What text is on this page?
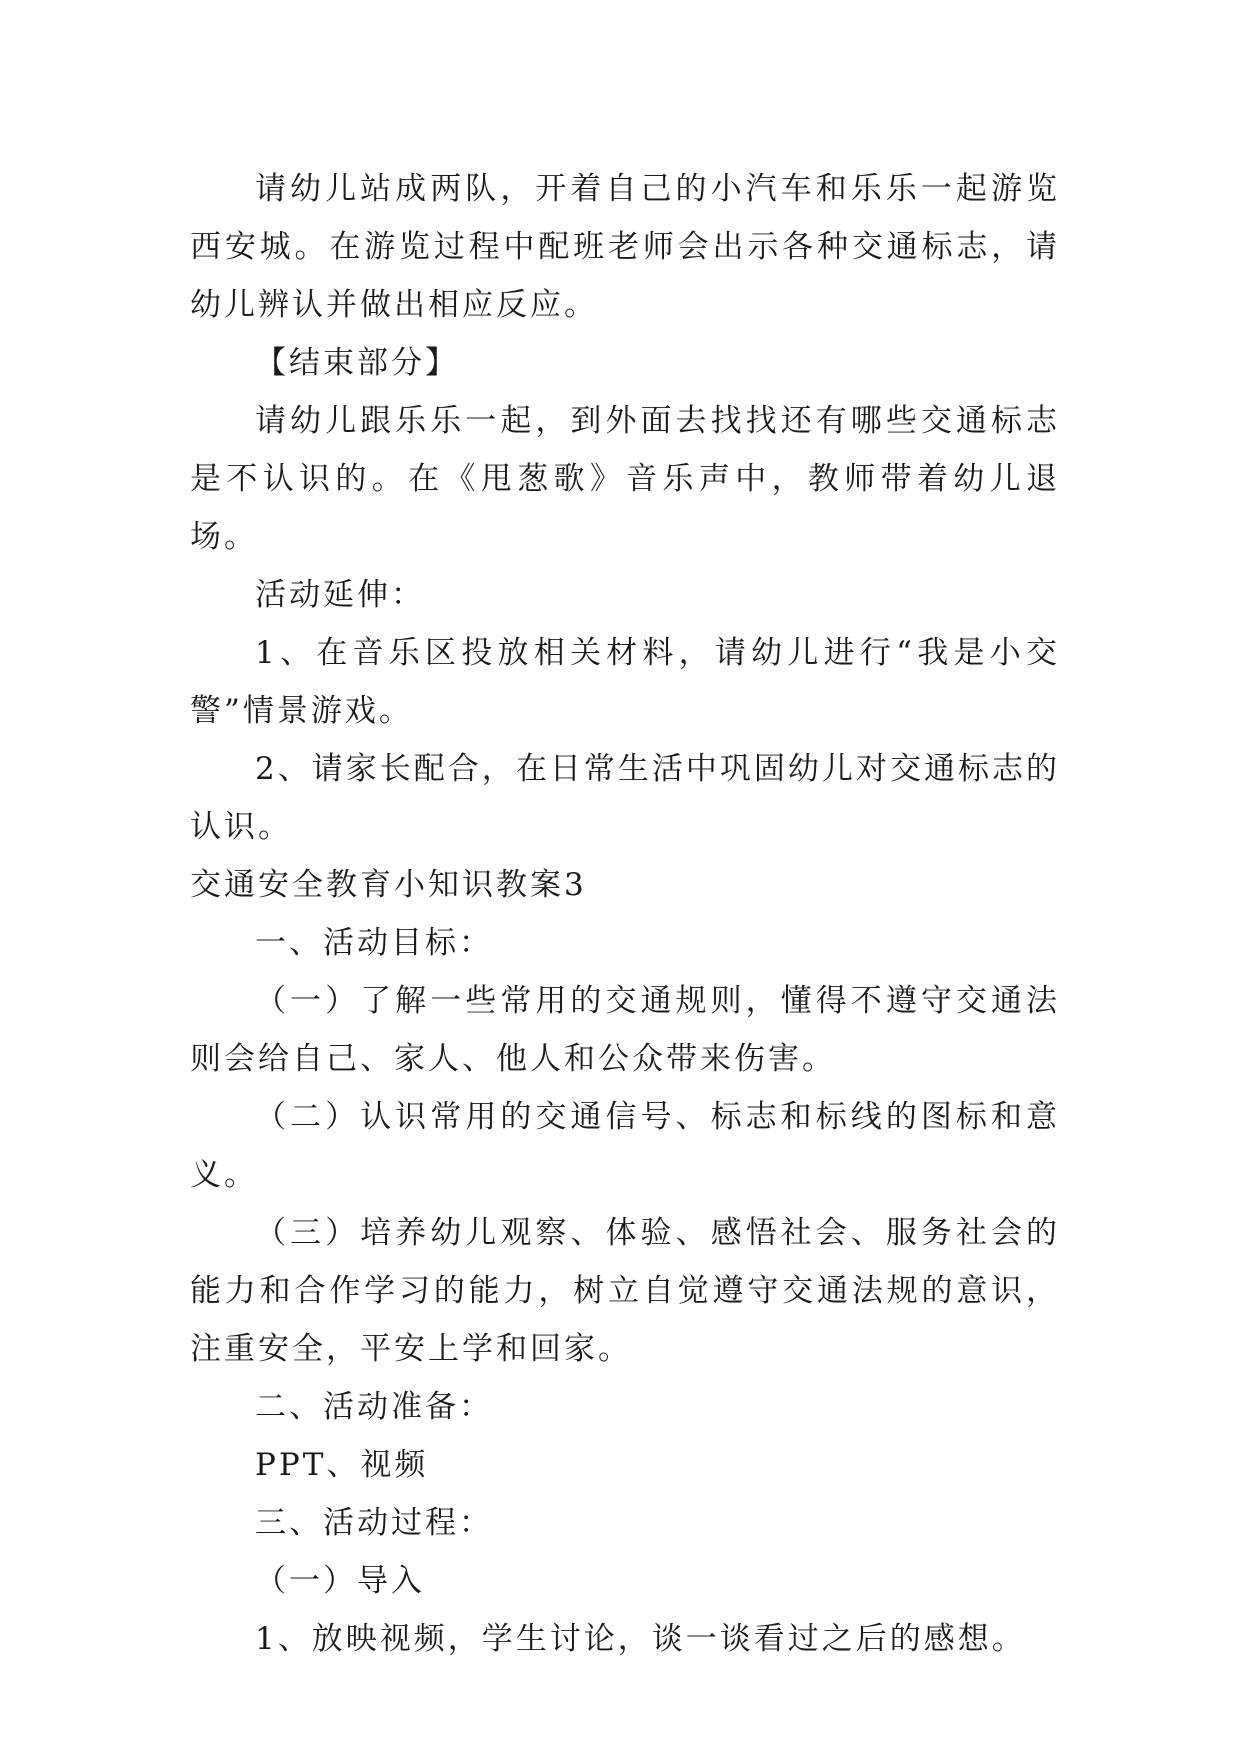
请幼儿站成两队，开着自己的小汽车和乐乐一起游览西安城。在游览过程中配班老师会出示各种交通标志，请幼儿辨认并做出相应反应。

【结束部分】

请幼儿跟乐乐一起，到外面去找找还有哪些交通标志是不认识的。在《甩葱歌》音乐声中，教师带着幼儿退场。

活动延伸：

1、在音乐区投放相关材料，请幼儿进行“我是小交警”情景游戏。

2、请家长配合，在日常生活中巩固幼儿对交通标志的认识。

交通安全教育小知识教案3

一、活动目标：

（一）了解一些常用的交通规则，懂得不遵守交通法则会给自己、家人、他人和公众带来伤害。

（二）认识常用的交通信号、标志和标线的图标和意义。

（三）培养幼儿观察、体验、感悟社会、服务社会的能力和合作学习的能力，树立自觉遵守交通法规的意识，注重安全，平安上学和回家。

二、活动准备：

PPT、视频

三、活动过程：

（一）导入

1、放映视频，学生讨论，谈一谈看过之后的感想。
